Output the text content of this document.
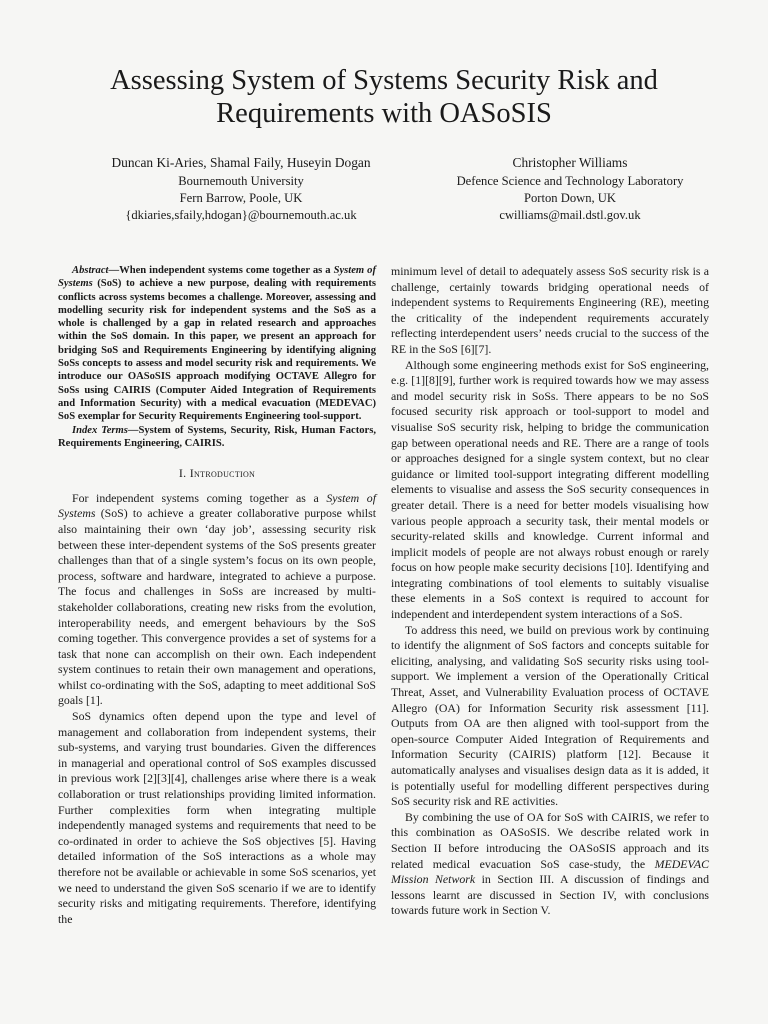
Assessing System of Systems Security Risk and
Requirements with OASoSIS
Duncan Ki-Aries, Shamal Faily, Huseyin Dogan
Bournemouth University
Fern Barrow, Poole, UK
{dkiaries,sfaily,hdogan}@bournemouth.ac.uk
Christopher Williams
Defence Science and Technology Laboratory
Porton Down, UK
cwilliams@mail.dstl.gov.uk

Abstract—When independent systems come together as a System of Systems (SoS) to achieve a new purpose, dealing with requirements conflicts across systems becomes a challenge. Moreover, assessing and modelling security risk for independent systems and the SoS as a whole is challenged by a gap in related research and approaches within the SoS domain. In this paper, we present an approach for bridging SoS and Requirements Engineering by identifying aligning SoSs concepts to assess and model security risk and requirements. We introduce our OASoSIS approach modifying OCTAVE Allegro for SoSs using CAIRIS (Computer Aided Integration of Requirements and Information Security) with a medical evacuation (MEDEVAC) SoS exemplar for Security Requirements Engineering tool-support.

Index Terms—System of Systems, Security, Risk, Human Factors, Requirements Engineering, CAIRIS.

I. Introduction

For independent systems coming together as a System of Systems (SoS) to achieve a greater collaborative purpose whilst also maintaining their own ‘day job’, assessing security risk between these inter-dependent systems of the SoS presents greater challenges than that of a single system’s focus on its own people, process, software and hardware, integrated to achieve a purpose. The focus and challenges in SoSs are increased by multi-stakeholder collaborations, creating new risks from the evolution, interoperability needs, and emergent behaviours by the SoS coming together. This convergence provides a set of systems for a task that none can accomplish on their own. Each independent system continues to retain their own management and operations, whilst co-ordinating with the SoS, adapting to meet additional SoS goals [1].

SoS dynamics often depend upon the type and level of management and collaboration from independent systems, their sub-systems, and varying trust boundaries. Given the differences in managerial and operational control of SoS examples discussed in previous work [2][3][4], challenges arise where there is a weak collaboration or trust relationships providing limited information. Further complexities form when integrating multiple independently managed systems and requirements that need to be co-ordinated in order to achieve the SoS objectives [5]. Having detailed information of the SoS interactions as a whole may therefore not be available or achievable in some SoS scenarios, yet we need to understand the given SoS scenario if we are to identify security risks and mitigating requirements. Therefore, identifying the

minimum level of detail to adequately assess SoS security risk is a challenge, certainly towards bridging operational needs of independent systems to Requirements Engineering (RE), meeting the criticality of the independent requirements accurately reflecting interdependent users’ needs crucial to the success of the RE in the SoS [6][7].

Although some engineering methods exist for SoS engineering, e.g. [1][8][9], further work is required towards how we may assess and model security risk in SoSs. There appears to be no SoS focused security risk approach or tool-support to model and visualise SoS security risk, helping to bridge the communication gap between operational needs and RE. There are a range of tools or approaches designed for a single system context, but no clear guidance or limited tool-support integrating different modelling elements to visualise and assess the SoS security consequences in greater detail. There is a need for better models visualising how various people approach a security task, their mental models or security-related skills and knowledge. Current informal and implicit models of people are not always robust enough or rarely focus on how people make security decisions [10]. Identifying and integrating combinations of tool elements to suitably visualise these elements in a SoS context is required to account for independent and interdependent system interactions of a SoS.

To address this need, we build on previous work by continuing to identify the alignment of SoS factors and concepts suitable for eliciting, analysing, and validating SoS security risks using tool-support. We implement a version of the Operationally Critical Threat, Asset, and Vulnerability Evaluation process of OCTAVE Allegro (OA) for Information Security risk assessment [11]. Outputs from OA are then aligned with tool-support from the open-source Computer Aided Integration of Requirements and Information Security (CAIRIS) platform [12]. Because it automatically analyses and visualises design data as it is added, it is potentially useful for modelling different perspectives during SoS security risk and RE activities.

By combining the use of OA for SoS with CAIRIS, we refer to this combination as OASoSIS. We describe related work in Section II before introducing the OASoSIS approach and its related medical evacuation SoS case-study, the MEDEVAC Mission Network in Section III. A discussion of findings and lessons learnt are discussed in Section IV, with conclusions towards future work in Section V.
